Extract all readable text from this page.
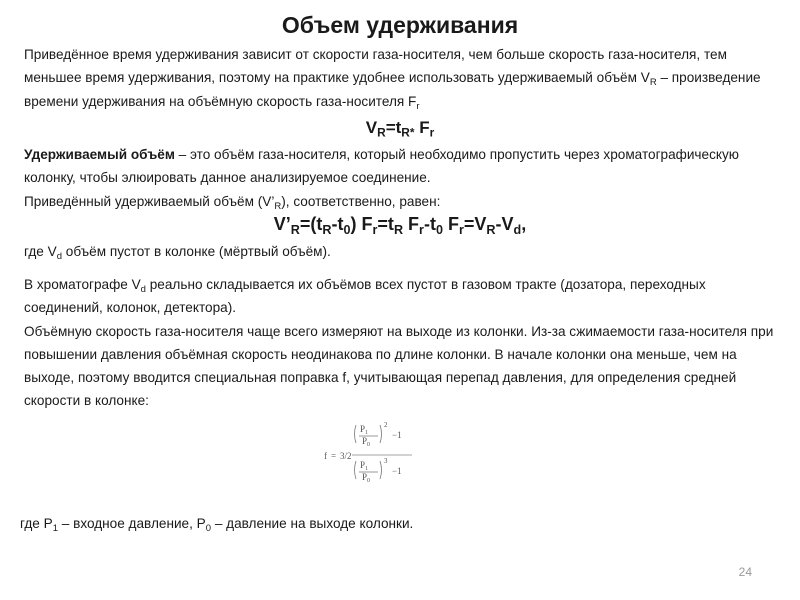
Объем удерживания
Приведённое время удерживания зависит от скорости газа-носителя, чем больше скорость газа-носителя, тем меньшее время удерживания, поэтому на практике удобнее использовать удерживаемый объём $V_R$ – произведение времени удерживания на объёмную скорость газа-носителя $F_r$
$V_R=t_{R*}$ $F_r$
Удерживаемый объём – это объём газа-носителя, который необходимо пропустить через хроматографическую колонку, чтобы элюировать данное анализируемое соединение.
Приведённый удерживаемый объём $(V’_R)$, соответственно, равен:
$V’_R=(t_R-t_0)$ $F_r=t_R$ $F_r-t_0$ $F_r=V_R-V_d$,
где $V_d$ объём пустот в колонке (мёртвый объём).
В хроматографе $V_d$ реально складывается их объёмов всех пустот в газовом тракте (дозатора, переходных соединений, колонок, детектора).
Объёмную скорость газа-носителя чаще всего измеряют на выходе из колонки. Из-за сжимаемости газа-носителя при повышении давления объёмная скорость неодинакова по длине колонки. В начале колонки она меньше, чем на выходе, поэтому вводится специальная поправка f, учитывающая перепад давления, для определения средней скорости в колонке:
f = 3/2
$P_1$
$P_0$
2
−1
$P_1$
$P_0$
3
−1
где $P_1$ – входное давление, $P_0$ – давление на выходе колонки.
24
